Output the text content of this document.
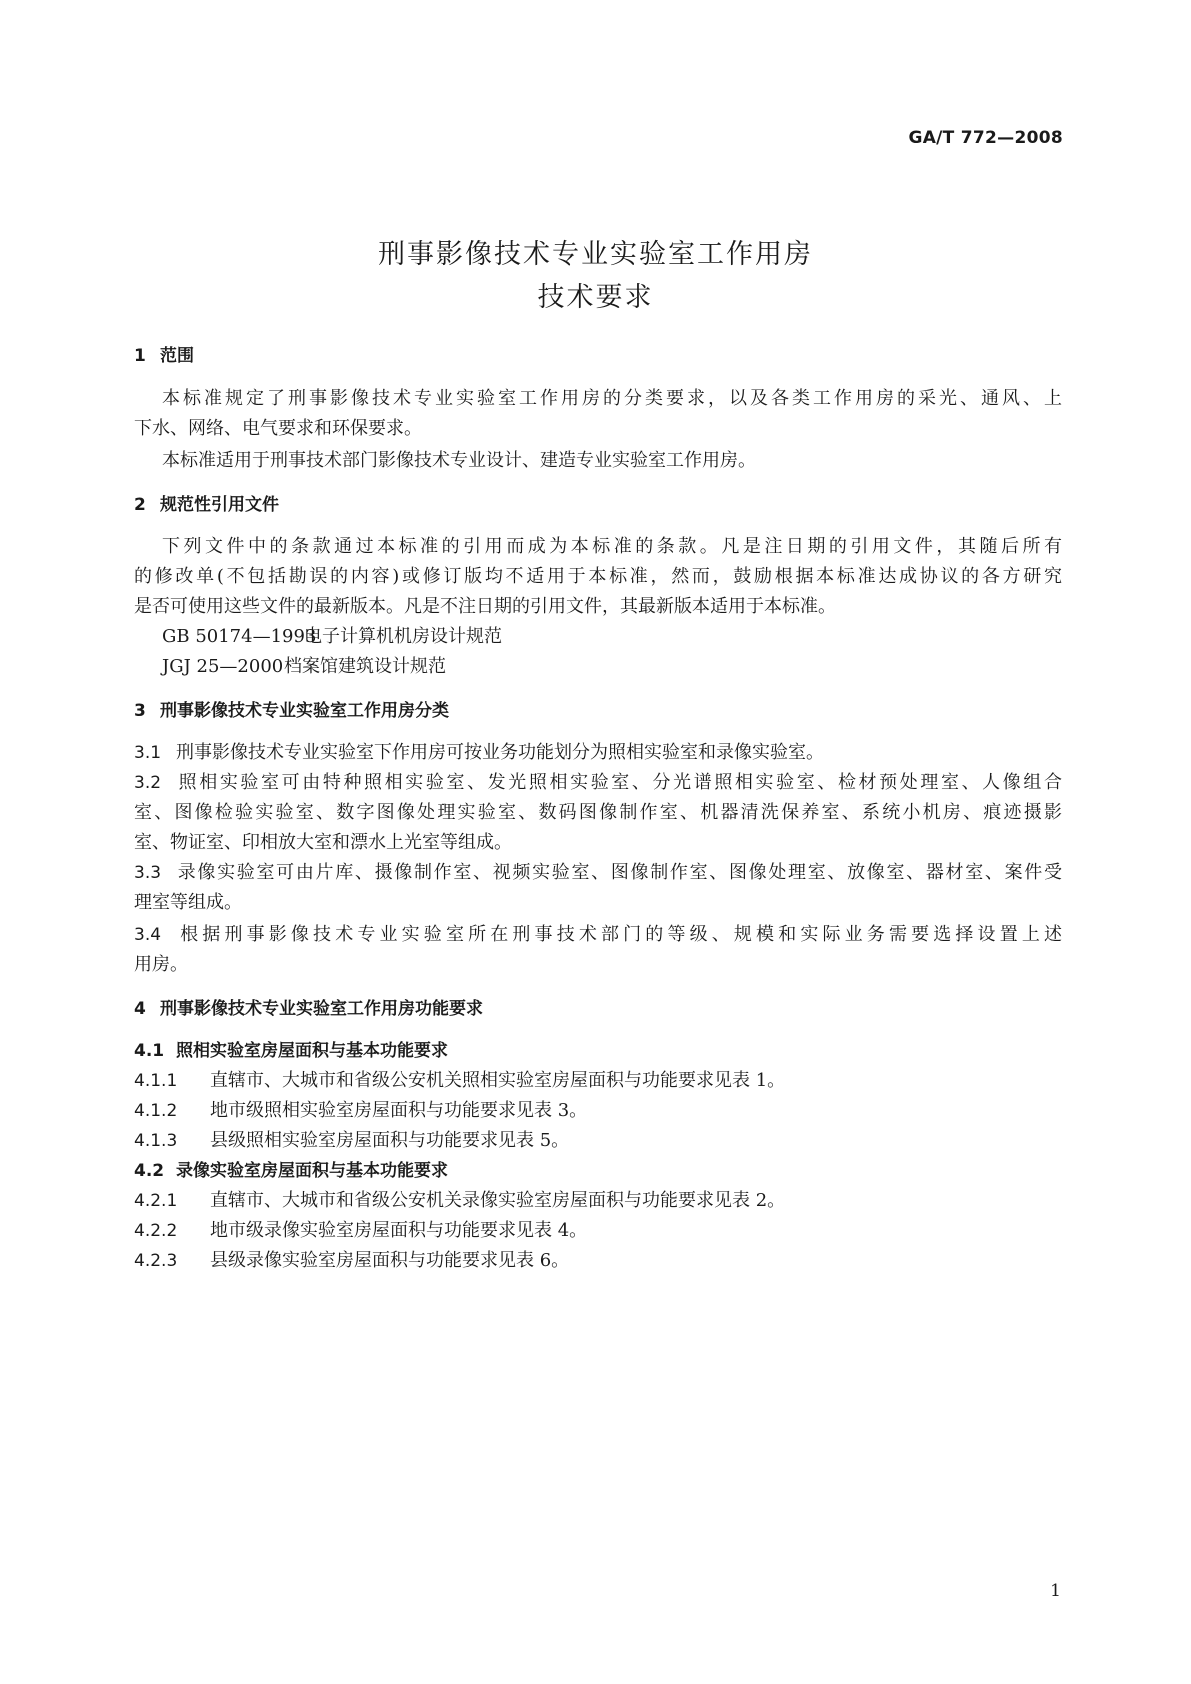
GA/T 772—2008
刑事影像技术专业实验室工作用房
技术要求
1 范围
本标准规定了刑事影像技术专业实验室工作用房的分类要求，以及各类工作用房的采光、通风、上
下水、网络、电气要求和环保要求。
本标准适用于刑事技术部门影像技术专业设计、建造专业实验室工作用房。
2 规范性引用文件
下列文件中的条款通过本标准的引用而成为本标准的条款。凡是注日期的引用文件，其随后所有
的修改单(不包括勘误的内容)或修订版均不适用于本标准，然而，鼓励根据本标准达成协议的各方研究
是否可使用这些文件的最新版本。凡是不注日期的引用文件，其最新版本适用于本标准。
GB 50174—1993电子计算机机房设计规范
JGJ 25—2000档案馆建筑设计规范
3 刑事影像技术专业实验室工作用房分类
3.1 刑事影像技术专业实验室下作用房可按业务功能划分为照相实验室和录像实验室。
3.2 照相实验室可由特种照相实验室、发光照相实验室、分光谱照相实验室、检材预处理室、人像组合
室、图像检验实验室、数字图像处理实验室、数码图像制作室、机器清洗保养室、系统小机房、痕迹摄影
室、物证室、印相放大室和漂水上光室等组成。
3.3 录像实验室可由片库、摄像制作室、视频实验室、图像制作室、图像处理室、放像室、器材室、案件受
理室等组成。
3.4 根据刑事影像技术专业实验室所在刑事技术部门的等级、规模和实际业务需要选择设置上述
用房。
4 刑事影像技术专业实验室工作用房功能要求
4.1 照相实验室房屋面积与基本功能要求
4.1.1 直辖市、大城市和省级公安机关照相实验室房屋面积与功能要求见表 1。
4.1.2 地市级照相实验室房屋面积与功能要求见表 3。
4.1.3 县级照相实验室房屋面积与功能要求见表 5。
4.2 录像实验室房屋面积与基本功能要求
4.2.1 直辖市、大城市和省级公安机关录像实验室房屋面积与功能要求见表 2。
4.2.2 地市级录像实验室房屋面积与功能要求见表 4。
4.2.3 县级录像实验室房屋面积与功能要求见表 6。
1
